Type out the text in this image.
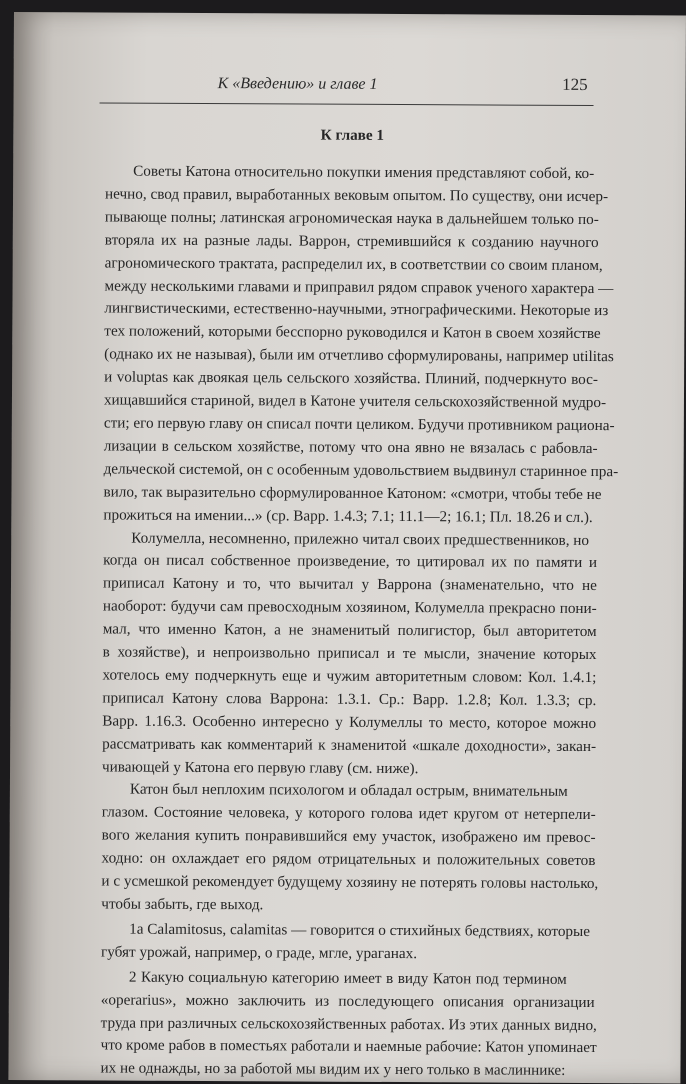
К «Введению» и главе 1	125
К главе 1

Советы Катона относительно покупки имения представляют собой, ко-
нечно, свод правил, выработанных вековым опытом. По существу, они исчер-
пывающе полны; латинская агрономическая наука в дальнейшем только по-
вторяла их на разные лады. Варрон, стремившийся к созданию научного
агрономического трактата, распределил их, в соответствии со своим планом,
между несколькими главами и приправил рядом справок ученого характера —
лингвистическими, естественно-научными, этнографическими. Некоторые из
тех положений, которыми бесспорно руководился и Катон в своем хозяйстве
(однако их не называя), были им отчетливо сформулированы, например utilitas
и voluptas как двоякая цель сельского хозяйства. Плиний, подчеркнуто вос-
хищавшийся стариной, видел в Катоне учителя сельскохозяйственной мудро-
сти; его первую главу он списал почти целиком. Будучи противником рациона-
лизации в сельском хозяйстве, потому что она явно не вязалась с рабовла-
дельческой системой, он с особенным удовольствием выдвинул старинное пра-
вило, так выразительно сформулированное Катоном: «смотри, чтобы тебе не
прожиться на имении...» (ср. Варр. 1.4.3; 7.1; 11.1—2; 16.1; Пл. 18.26 и сл.).

Колумелла, несомненно, прилежно читал своих предшественников, но
когда он писал собственное произведение, то цитировал их по памяти и
приписал Катону и то, что вычитал у Варрона (знаменательно, что не
наоборот: будучи сам превосходным хозяином, Колумелла прекрасно пони-
мал, что именно Катон, а не знаменитый полигистор, был авторитетом
в хозяйстве), и непроизвольно приписал и те мысли, значение которых
хотелось ему подчеркнуть еще и чужим авторитетным словом: Кол. 1.4.1;
приписал Катону слова Варрона: 1.3.1. Ср.: Варр. 1.2.8; Кол. 1.3.3; ср.
Варр. 1.16.3. Особенно интересно у Колумеллы то место, которое можно
рассматривать как комментарий к знаменитой «шкале доходности», закан-
чивающей у Катона его первую главу (см. ниже).

Катон был неплохим психологом и обладал острым, внимательным
глазом. Состояние человека, у которого голова идет кругом от нетерпели-
вого желания купить понравившийся ему участок, изображено им превос-
ходно: он охлаждает его рядом отрицательных и положительных советов
и с усмешкой рекомендует будущему хозяину не потерять головы настолько,
чтобы забыть, где выход.

1a Calamitosus, calamitas — говорится о стихийных бедствиях, которые
губят урожай, например, о граде, мгле, ураганах.

2 Какую социальную категорию имеет в виду Катон под термином
«operarius», можно заключить из последующего описания организации
труда при различных сельскохозяйственных работах. Из этих данных видно,
что кроме рабов в поместьях работали и наемные рабочие: Катон упоминает
их не однажды, но за работой мы видим их у него только в маслиннике:
